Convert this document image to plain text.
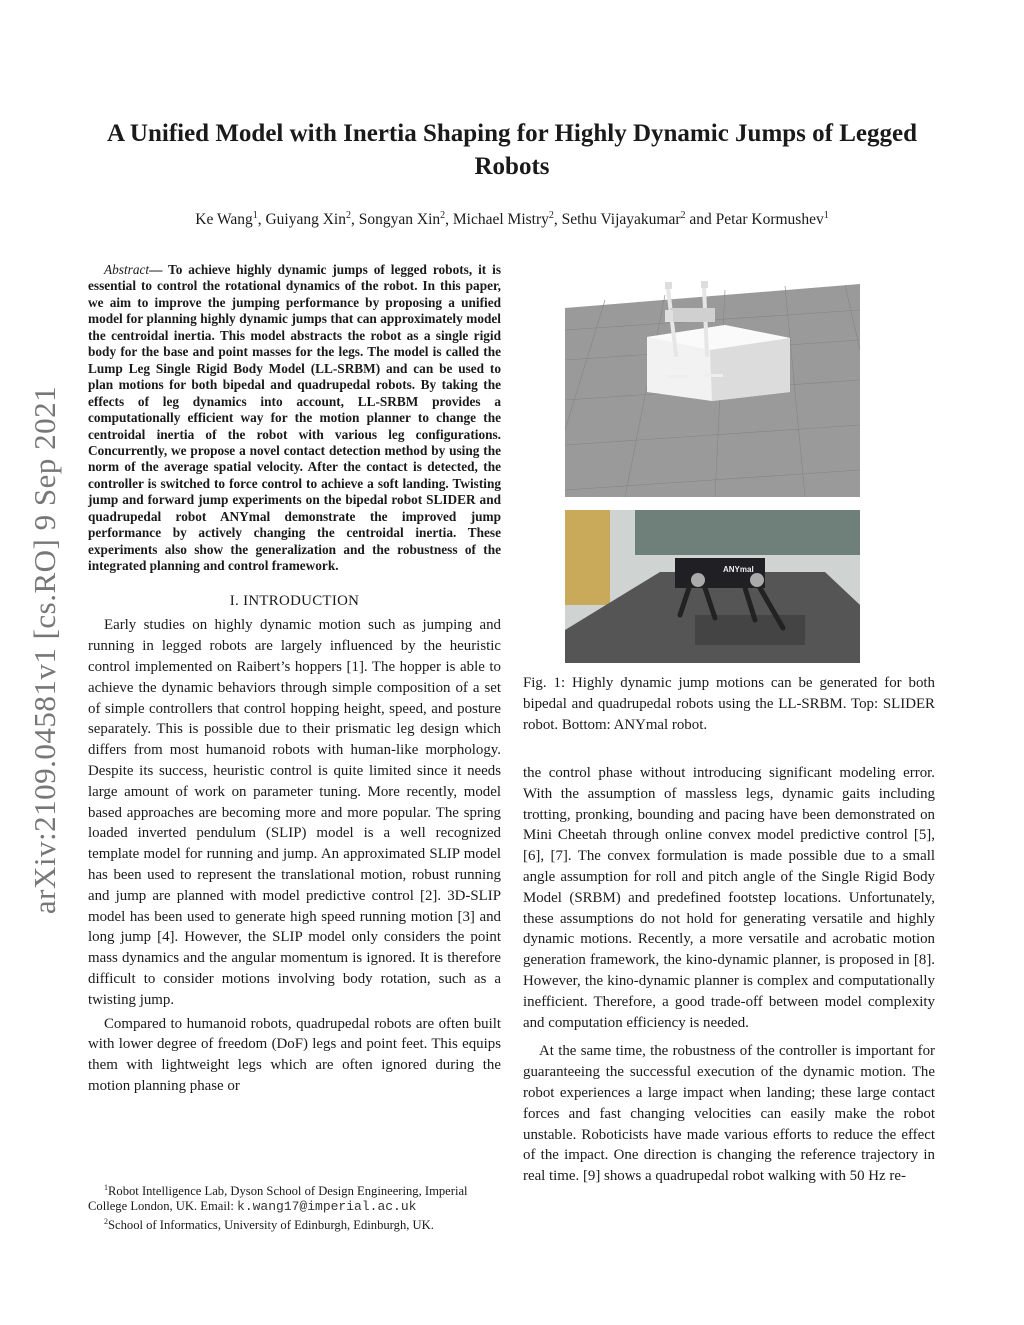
A Unified Model with Inertia Shaping for Highly Dynamic Jumps of Legged Robots
Ke Wang$^1$, Guiyang Xin$^2$, Songyan Xin$^2$, Michael Mistry$^2$, Sethu Vijayakumar$^2$ and Petar Kormushev$^1$
arXiv:2109.04581v1 [cs.RO] 9 Sep 2021

Abstract— To achieve highly dynamic jumps of legged robots, it is essential to control the rotational dynamics of the robot. In this paper, we aim to improve the jumping performance by proposing a unified model for planning highly dynamic jumps that can approximately model the centroidal inertia. This model abstracts the robot as a single rigid body for the base and point masses for the legs. The model is called the Lump Leg Single Rigid Body Model (LL-SRBM) and can be used to plan motions for both bipedal and quadrupedal robots. By taking the effects of leg dynamics into account, LL-SRBM provides a computationally efficient way for the motion planner to change the centroidal inertia of the robot with various leg configurations. Concurrently, we propose a novel contact detection method by using the norm of the average spatial velocity. After the contact is detected, the controller is switched to force control to achieve a soft landing. Twisting jump and forward jump experiments on the bipedal robot SLIDER and quadrupedal robot ANYmal demonstrate the improved jump performance by actively changing the centroidal inertia. These experiments also show the generalization and the robustness of the integrated planning and control framework.

I. INTRODUCTION

Early studies on highly dynamic motion such as jumping and running in legged robots are largely influenced by the heuristic control implemented on Raibert’s hoppers [1]. The hopper is able to achieve the dynamic behaviors through simple composition of a set of simple controllers that control hopping height, speed, and posture separately. This is possible due to their prismatic leg design which differs from most humanoid robots with human-like morphology. Despite its success, heuristic control is quite limited since it needs large amount of work on parameter tuning. More recently, model based approaches are becoming more and more popular. The spring loaded inverted pendulum (SLIP) model is a well recognized template model for running and jump. An approximated SLIP model has been used to represent the translational motion, robust running and jump are planned with model predictive control [2]. 3D-SLIP model has been used to generate high speed running motion [3] and long jump [4]. However, the SLIP model only considers the point mass dynamics and the angular momentum is ignored. It is therefore difficult to consider motions involving body rotation, such as a twisting jump.

Compared to humanoid robots, quadrupedal robots are often built with lower degree of freedom (DoF) legs and point feet. This equips them with lightweight legs which are often ignored during the motion planning phase or

$^1$Robot Intelligence Lab, Dyson School of Design Engineering, Imperial College London, UK. Email: k.wang17@imperial.ac.uk
$^2$School of Informatics, University of Edinburgh, Edinburgh, UK.
ANYmal
Fig. 1: Highly dynamic jump motions can be generated for both bipedal and quadrupedal robots using the LL-SRBM. Top: SLIDER robot. Bottom: ANYmal robot.

the control phase without introducing significant modeling error. With the assumption of massless legs, dynamic gaits including trotting, pronking, bounding and pacing have been demonstrated on Mini Cheetah through online convex model predictive control [5], [6], [7]. The convex formulation is made possible due to a small angle assumption for roll and pitch angle of the Single Rigid Body Model (SRBM) and predefined footstep locations. Unfortunately, these assumptions do not hold for generating versatile and highly dynamic motions. Recently, a more versatile and acrobatic motion generation framework, the kino-dynamic planner, is proposed in [8]. However, the kino-dynamic planner is complex and computationally inefficient. Therefore, a good trade-off between model complexity and computation efficiency is needed.

At the same time, the robustness of the controller is important for guaranteeing the successful execution of the dynamic motion. The robot experiences a large impact when landing; these large contact forces and fast changing velocities can easily make the robot unstable. Roboticists have made various efforts to reduce the effect of the impact. One direction is changing the reference trajectory in real time. [9] shows a quadrupedal robot walking with 50 Hz re-
